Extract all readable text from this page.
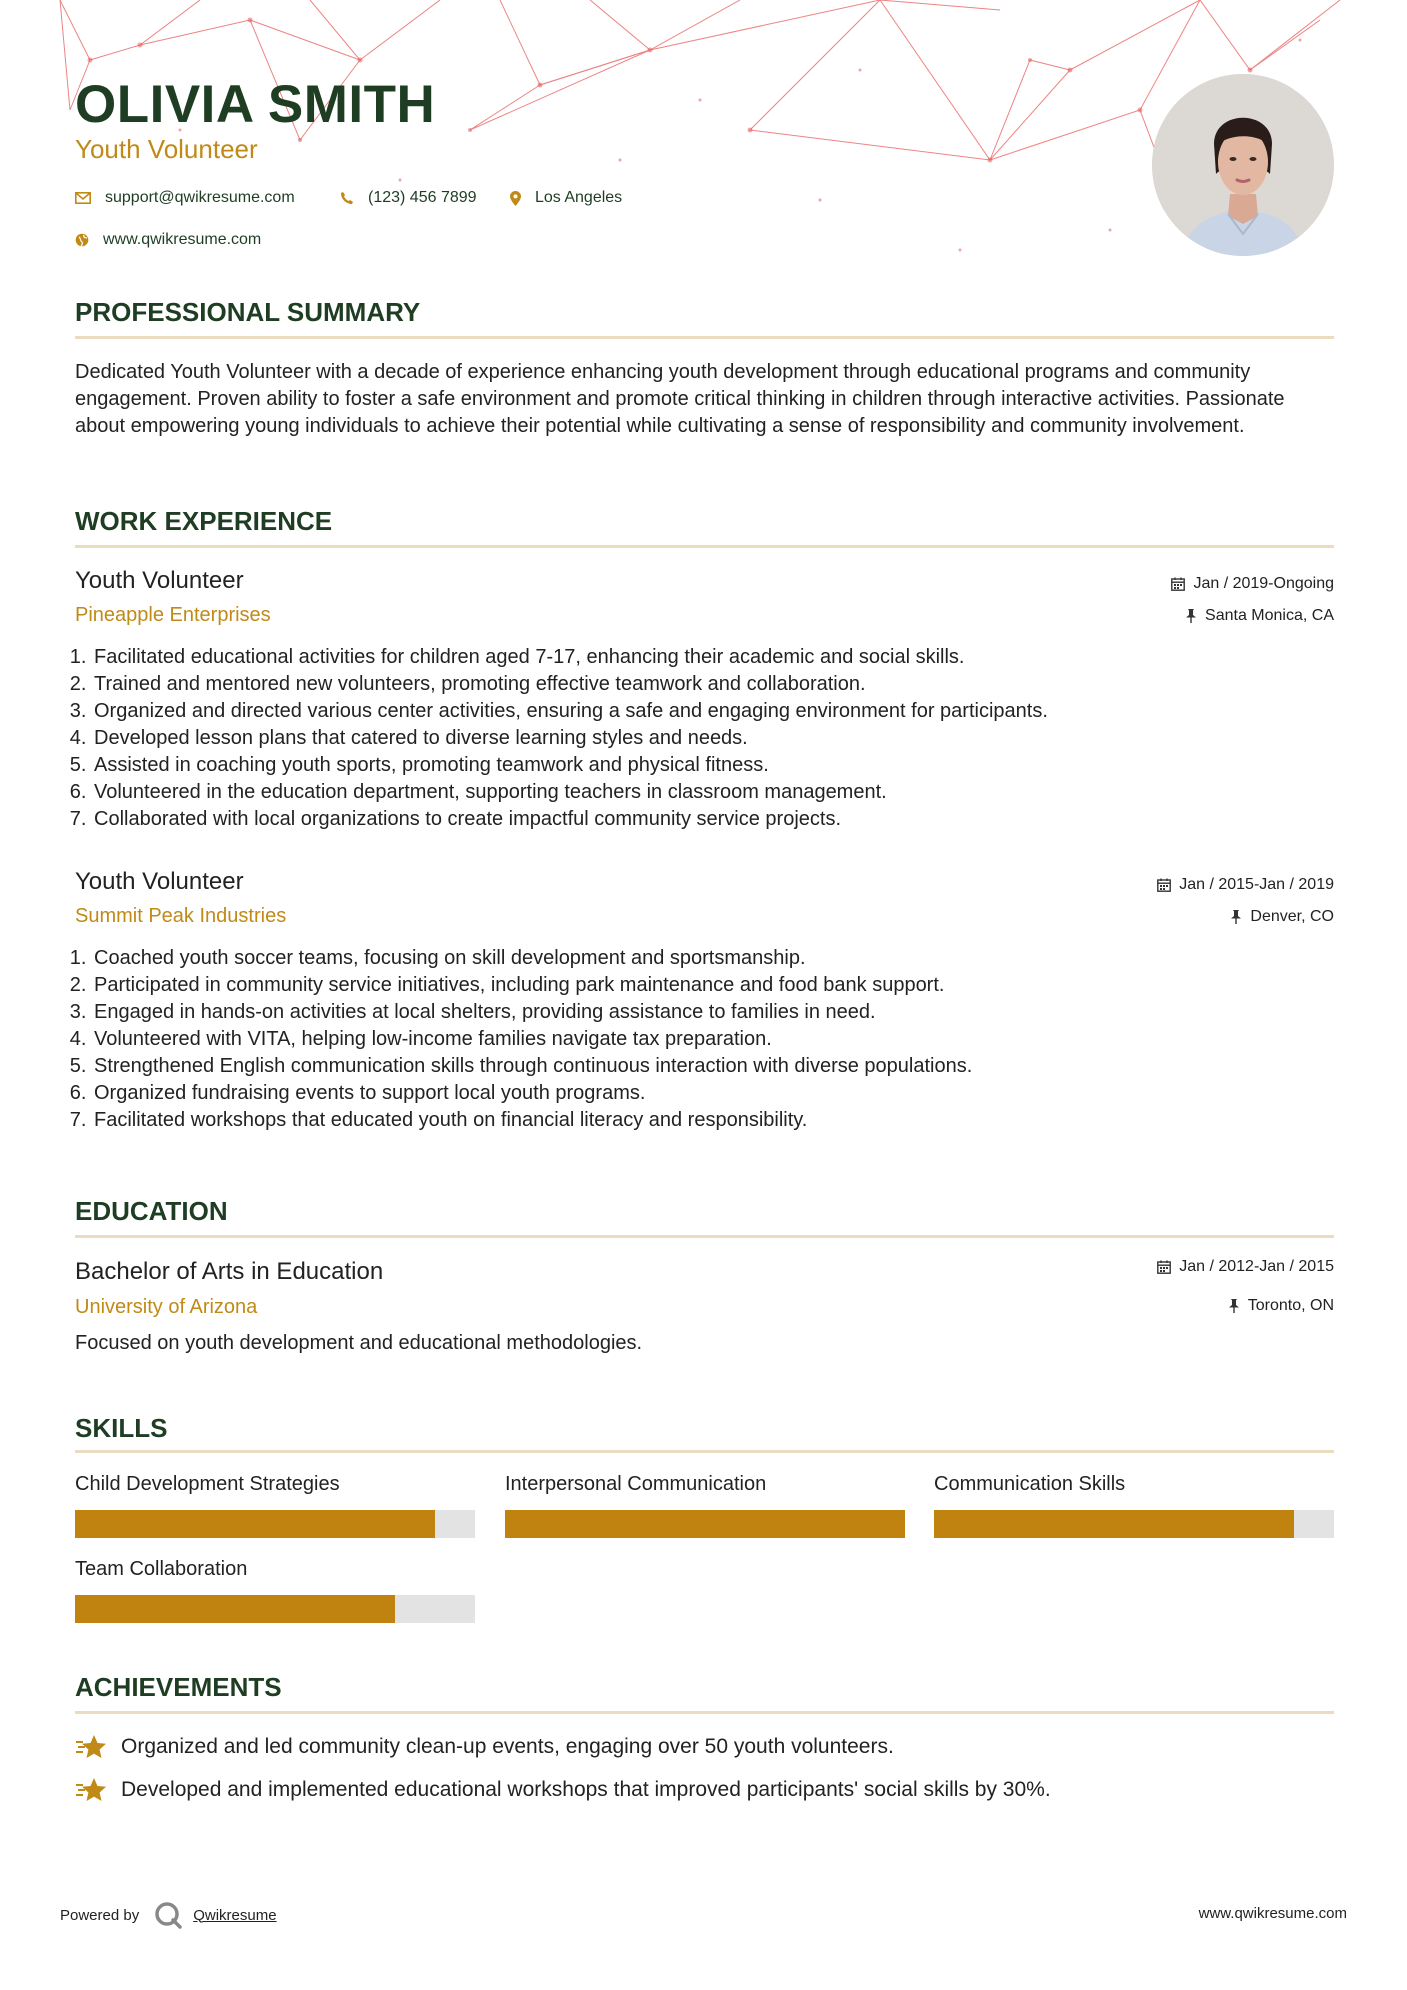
OLIVIA SMITH
Youth Volunteer
support@qwikresume.com	(123) 456 7899	Los Angeles
www.qwikresume.com
PROFESSIONAL SUMMARY

Dedicated Youth Volunteer with a decade of experience enhancing youth development through educational programs and community engagement. Proven ability to foster a safe environment and promote critical thinking in children through interactive activities. Passionate about empowering young individuals to achieve their potential while cultivating a sense of responsibility and community involvement.

WORK EXPERIENCE
Youth Volunteer
Pineapple Enterprises
Jan / 2019-Ongoing
Santa Monica, CA
1. Facilitated educational activities for children aged 7-17, enhancing their academic and social skills.
2. Trained and mentored new volunteers, promoting effective teamwork and collaboration.
3. Organized and directed various center activities, ensuring a safe and engaging environment for participants.
4. Developed lesson plans that catered to diverse learning styles and needs.
5. Assisted in coaching youth sports, promoting teamwork and physical fitness.
6. Volunteered in the education department, supporting teachers in classroom management.
7. Collaborated with local organizations to create impactful community service projects.
Youth Volunteer
Summit Peak Industries
Jan / 2015-Jan / 2019
Denver, CO
1. Coached youth soccer teams, focusing on skill development and sportsmanship.
2. Participated in community service initiatives, including park maintenance and food bank support.
3. Engaged in hands-on activities at local shelters, providing assistance to families in need.
4. Volunteered with VITA, helping low-income families navigate tax preparation.
5. Strengthened English communication skills through continuous interaction with diverse populations.
6. Organized fundraising events to support local youth programs.
7. Facilitated workshops that educated youth on financial literacy and responsibility.
EDUCATION
Bachelor of Arts in Education
University of Arizona
Jan / 2012-Jan / 2015
Toronto, ON

Focused on youth development and educational methodologies.

SKILLS
Child Development Strategies	Interpersonal Communication	Communication Skills
Team Collaboration
ACHIEVEMENTS
Organized and led community clean-up events, engaging over 50 youth volunteers.
Developed and implemented educational workshops that improved participants' social skills by 30%.
Powered by	Qwikresume	www.qwikresume.com
